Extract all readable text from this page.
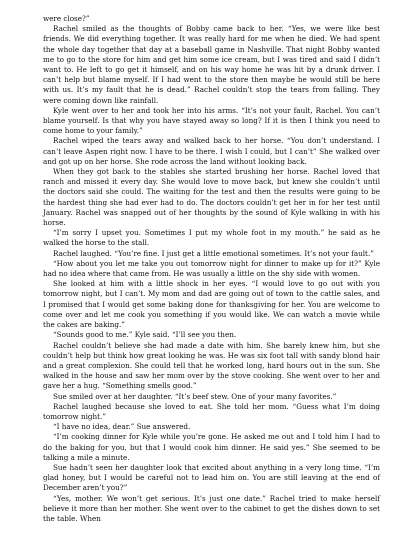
were close?”

Rachel smiled as the thoughts of Bobby came back to her. “Yes, we were like best friends. We did everything together. It was really hard for me when he died. We had spent the whole day together that day at a baseball game in Nashville. That night Bobby wanted me to go to the store for him and get him some ice cream, but I was tired and said I didn’t want to. He left to go get it himself, and on his way home he was hit by a drunk driver. I can’t help but blame myself. If I had went to the store then maybe he would still be here with us. It’s my fault that he is dead.” Rachel couldn’t stop the tears from falling. They were coming down like rainfall.

Kyle went over to her and took her into his arms. “It’s not your fault, Rachel. You can’t blame yourself. Is that why you have stayed away so long? If it is then I think you need to come home to your family.”

Rachel wiped the tears away and walked back to her horse. “You don’t understand. I can’t leave Aspen right now. I have to be there. I wish I could, but I can’t” She walked over and got up on her horse. She rode across the land without looking back.

When they got back to the stables she started brushing her horse. Rachel loved that ranch and missed it every day. She would love to move back, but knew she couldn’t until the doctors said she could. The waiting for the test and then the results were going to be the hardest thing she had ever had to do. The doctors couldn’t get her in for her test until January. Rachel was snapped out of her thoughts by the sound of Kyle walking in with his horse.

“I’m sorry I upset you. Sometimes I put my whole foot in my mouth.” he said as he walked the horse to the stall.

Rachel laughed. “You’re fine. I just get a little emotional sometimes. It’s not your fault.”

“How about you let me take you out tomorrow night for dinner to make up for it?” Kyle had no idea where that came from. He was usually a little on the shy side with women.

She looked at him with a little shock in her eyes. “I would love to go out with you tomorrow night, but I can’t. My mom and dad are going out of town to the cattle sales, and I promised that I would get some baking done for thanksgiving for her. You are welcome to come over and let me cook you something if you would like. We can watch a movie while the cakes are baking.”

“Sounds good to me.” Kyle said. “I’ll see you then.

Rachel couldn’t believe she had made a date with him. She barely knew him, but she couldn’t help but think how great looking he was. He was six foot tall with sandy blond hair and a great complexion. She could tell that he worked long, hard hours out in the sun. She walked in the house and saw her mom over by the stove cooking. She went over to her and gave her a hug. “Something smells good.”

Sue smiled over at her daughter. “It’s beef stew. One of your many favorites.”

Rachel laughed because she loved to eat. She told her mom. “Guess what I’m doing tomorrow night.”

“I have no idea, dear.” Sue answered.

“I’m cooking dinner for Kyle while you’re gone. He asked me out and I told him I had to do the baking for you, but that I would cook him dinner. He said yes.” She seemed to be talking a mile a minute.

Sue hadn’t seen her daughter look that excited about anything in a very long time. “I’m glad honey, but I would be careful not to lead him on. You are still leaving at the end of December aren’t you?”

“Yes, mother. We won’t get serious. It’s just one date.” Rachel tried to make herself believe it more than her mother. She went over to the cabinet to get the dishes down to set the table. When
